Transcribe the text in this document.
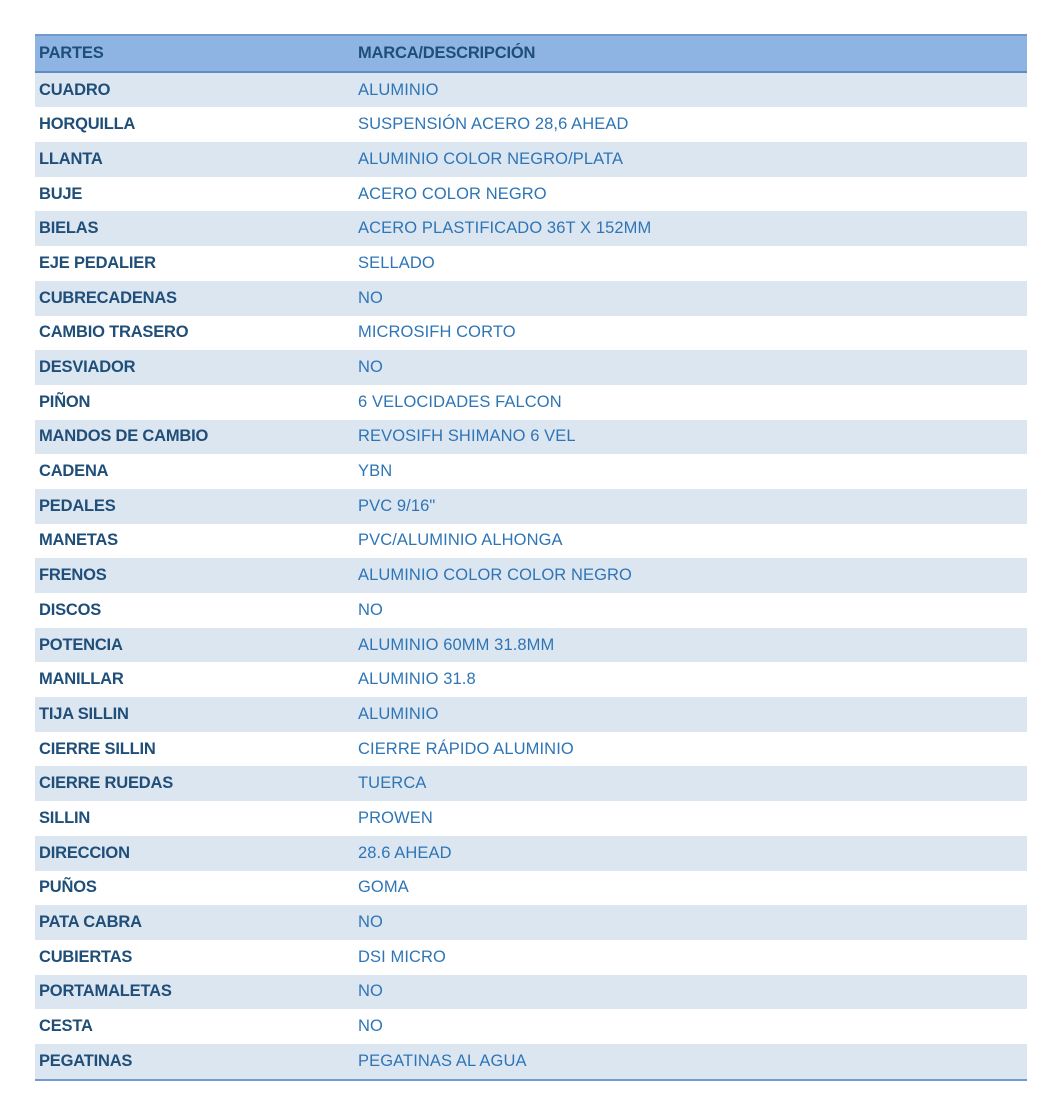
PARTES	MARCA/DESCRIPCIÓN
CUADRO	ALUMINIO
HORQUILLA	SUSPENSIÓN ACERO 28,6 AHEAD
LLANTA	ALUMINIO COLOR NEGRO/PLATA
BUJE	ACERO COLOR NEGRO
BIELAS	ACERO PLASTIFICADO 36T X 152MM
EJE PEDALIER	SELLADO
CUBRECADENAS	NO
CAMBIO TRASERO	MICROSIFH CORTO
DESVIADOR	NO
PIÑON	6 VELOCIDADES FALCON
MANDOS DE CAMBIO	REVOSIFH SHIMANO 6 VEL
CADENA	YBN
PEDALES	PVC 9/16"
MANETAS	PVC/ALUMINIO ALHONGA
FRENOS	ALUMINIO COLOR COLOR NEGRO
DISCOS	NO
POTENCIA	ALUMINIO 60MM 31.8MM
MANILLAR	ALUMINIO 31.8
TIJA SILLIN	ALUMINIO
CIERRE SILLIN	CIERRE RÁPIDO ALUMINIO
CIERRE RUEDAS	TUERCA
SILLIN	PROWEN
DIRECCION	28.6 AHEAD
PUÑOS	GOMA
PATA CABRA	NO
CUBIERTAS	DSI MICRO
PORTAMALETAS	NO
CESTA	NO
PEGATINAS	PEGATINAS AL AGUA
